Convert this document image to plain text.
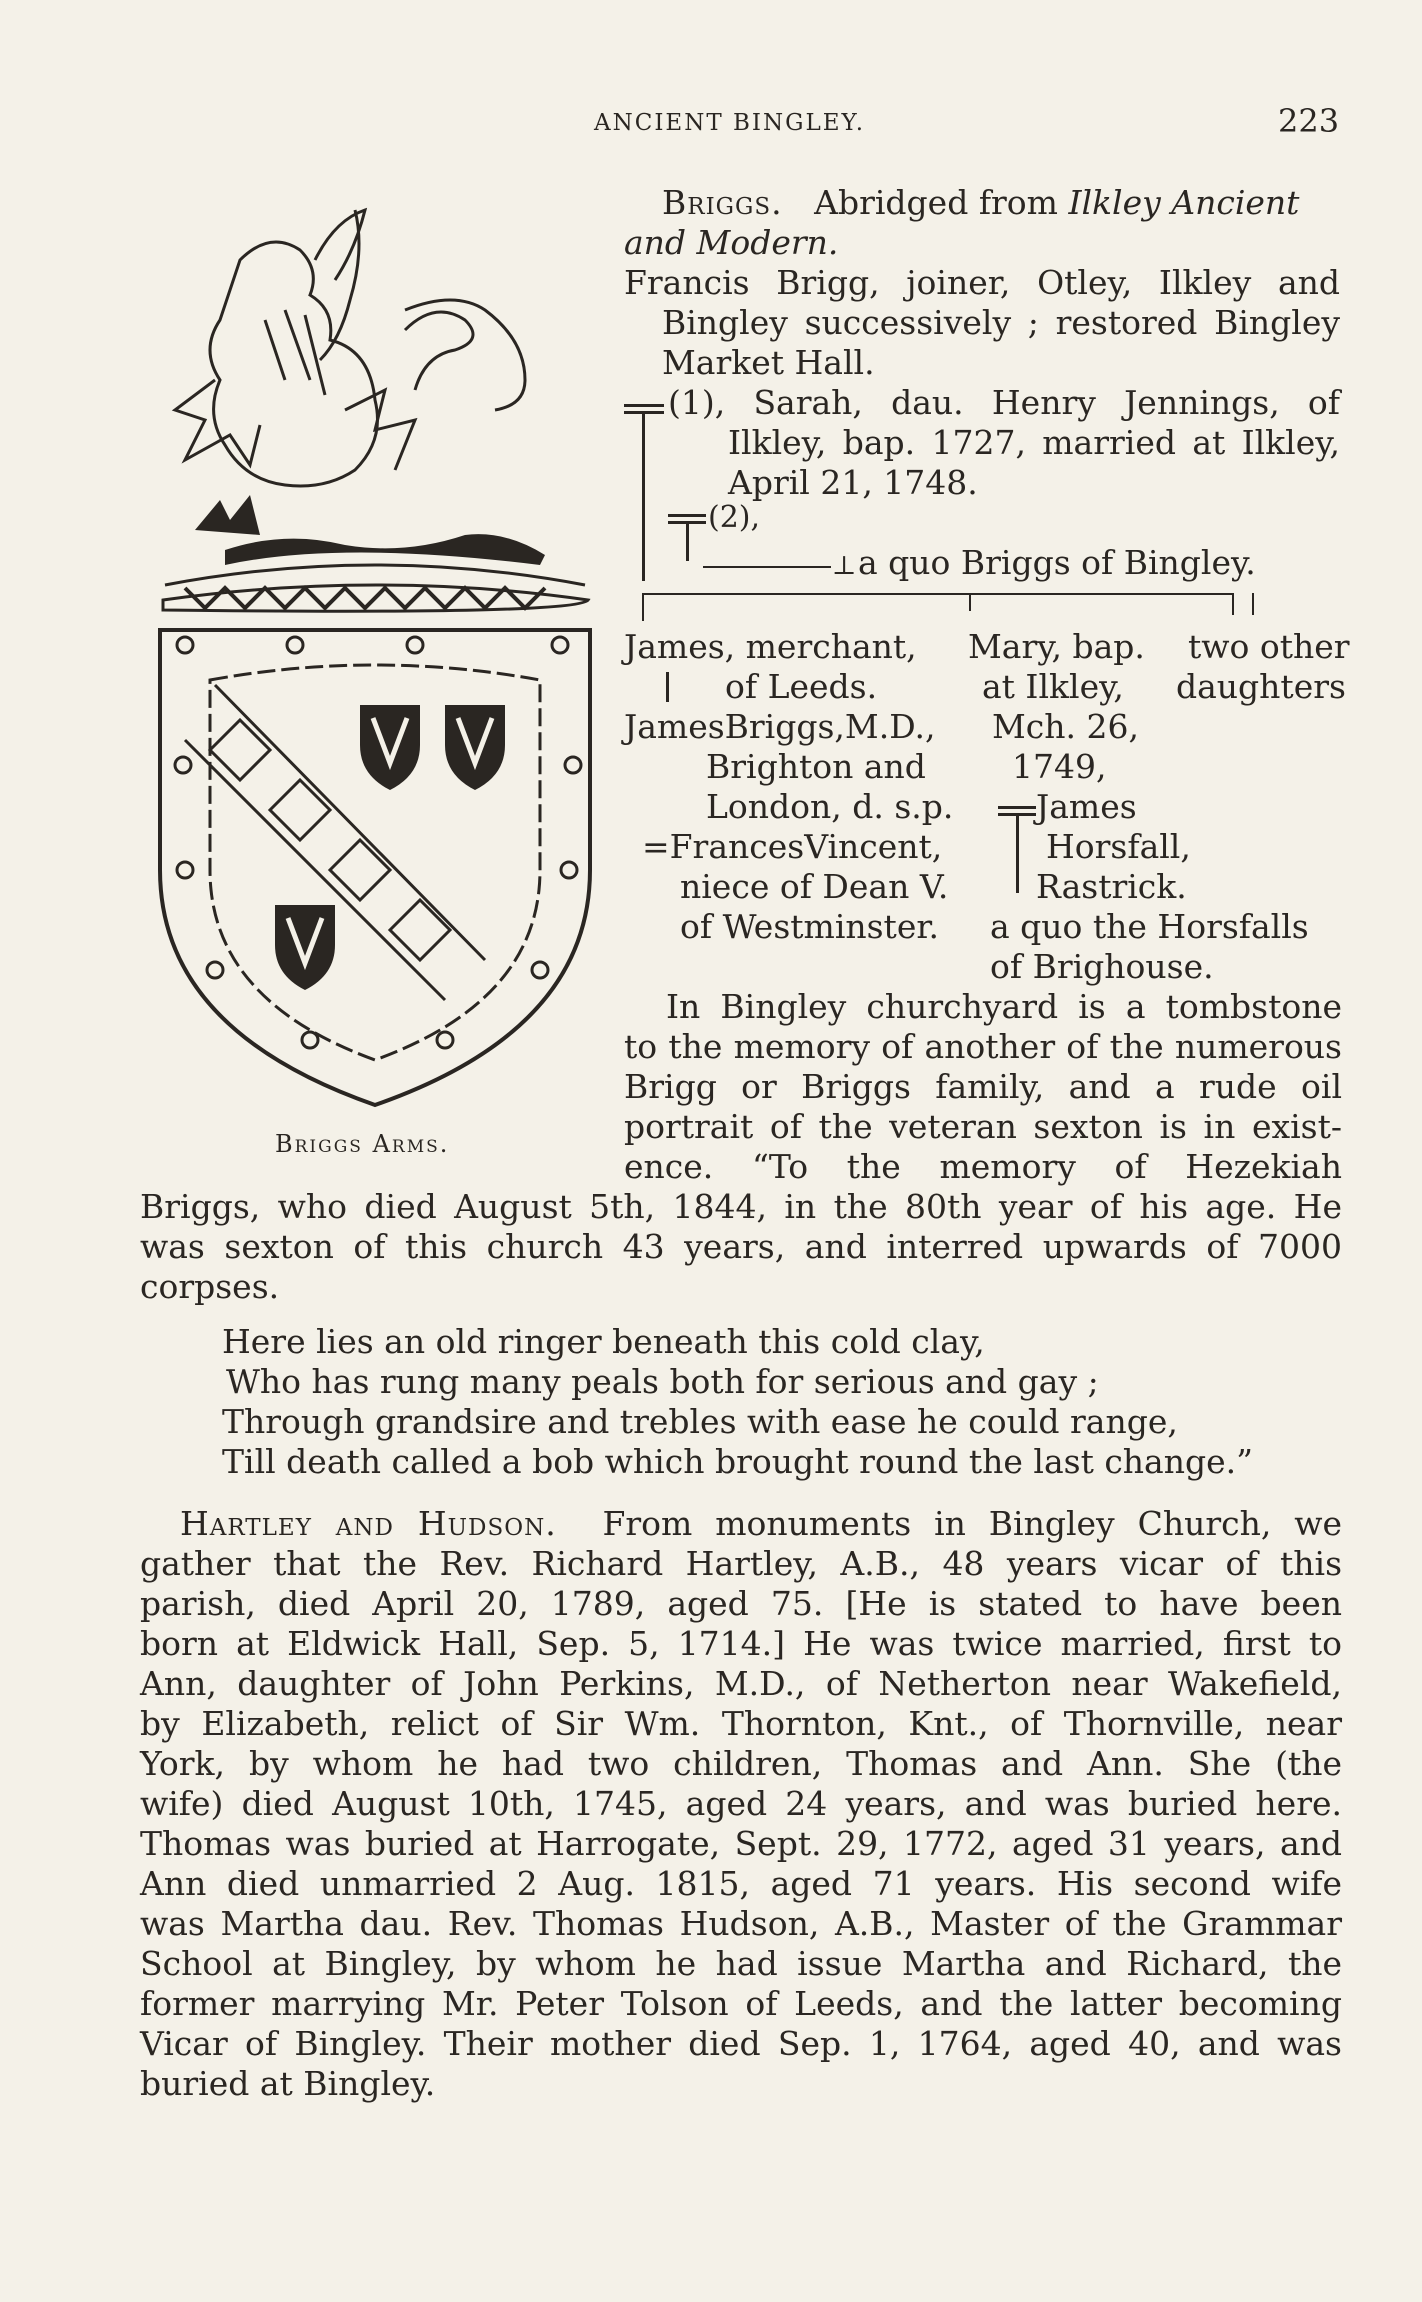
ANCIENT BINGLEY.	223
Briggs Arms.
Briggs. Abridged from Ilkley Ancient
and Modern.
Francis Brigg, joiner, Otley, Ilkley and
Bingley successively ; restored Bingley
Market Hall.
(1), Sarah, dau. Henry Jennings, of
Ilkley, bap. 1727, married at Ilkley,
April 21, 1748.
(2),
⊥ a quo Briggs of Bingley.
James, merchant,
of Leeds.
JamesBriggs,M.D.,
Brighton and
London, d. s.p.
=FrancesVincent,
niece of Dean V.
of Westminster.
Mary, bap.
at Ilkley,
Mch. 26,
1749,
James
Horsfall,
Rastrick.
a quo the Horsfalls
of Brighouse.
two other
daughters
In Bingley churchyard is a tombstone
to the memory of another of the numerous
Brigg or Briggs family, and a rude oil
portrait of the veteran sexton is in exist-
ence. “To the memory of Hezekiah
Briggs, who died August 5th, 1844, in the 80th year of his age. He
was sexton of this church 43 years, and interred upwards of 7000
corpses.
Here lies an old ringer beneath this cold clay,
Who has rung many peals both for serious and gay ;
Through grandsire and trebles with ease he could range,
Till death called a bob which brought round the last change.”
Hartley and Hudson. From monuments in Bingley Church, we
gather that the Rev. Richard Hartley, A.B., 48 years vicar of this
parish, died April 20, 1789, aged 75. [He is stated to have been
born at Eldwick Hall, Sep. 5, 1714.] He was twice married, first to
Ann, daughter of John Perkins, M.D., of Netherton near Wakefield,
by Elizabeth, relict of Sir Wm. Thornton, Knt., of Thornville, near
York, by whom he had two children, Thomas and Ann. She (the
wife) died August 10th, 1745, aged 24 years, and was buried here.
Thomas was buried at Harrogate, Sept. 29, 1772, aged 31 years, and
Ann died unmarried 2 Aug. 1815, aged 71 years. His second wife
was Martha dau. Rev. Thomas Hudson, A.B., Master of the Grammar
School at Bingley, by whom he had issue Martha and Richard, the
former marrying Mr. Peter Tolson of Leeds, and the latter becoming
Vicar of Bingley. Their mother died Sep. 1, 1764, aged 40, and was
buried at Bingley.
